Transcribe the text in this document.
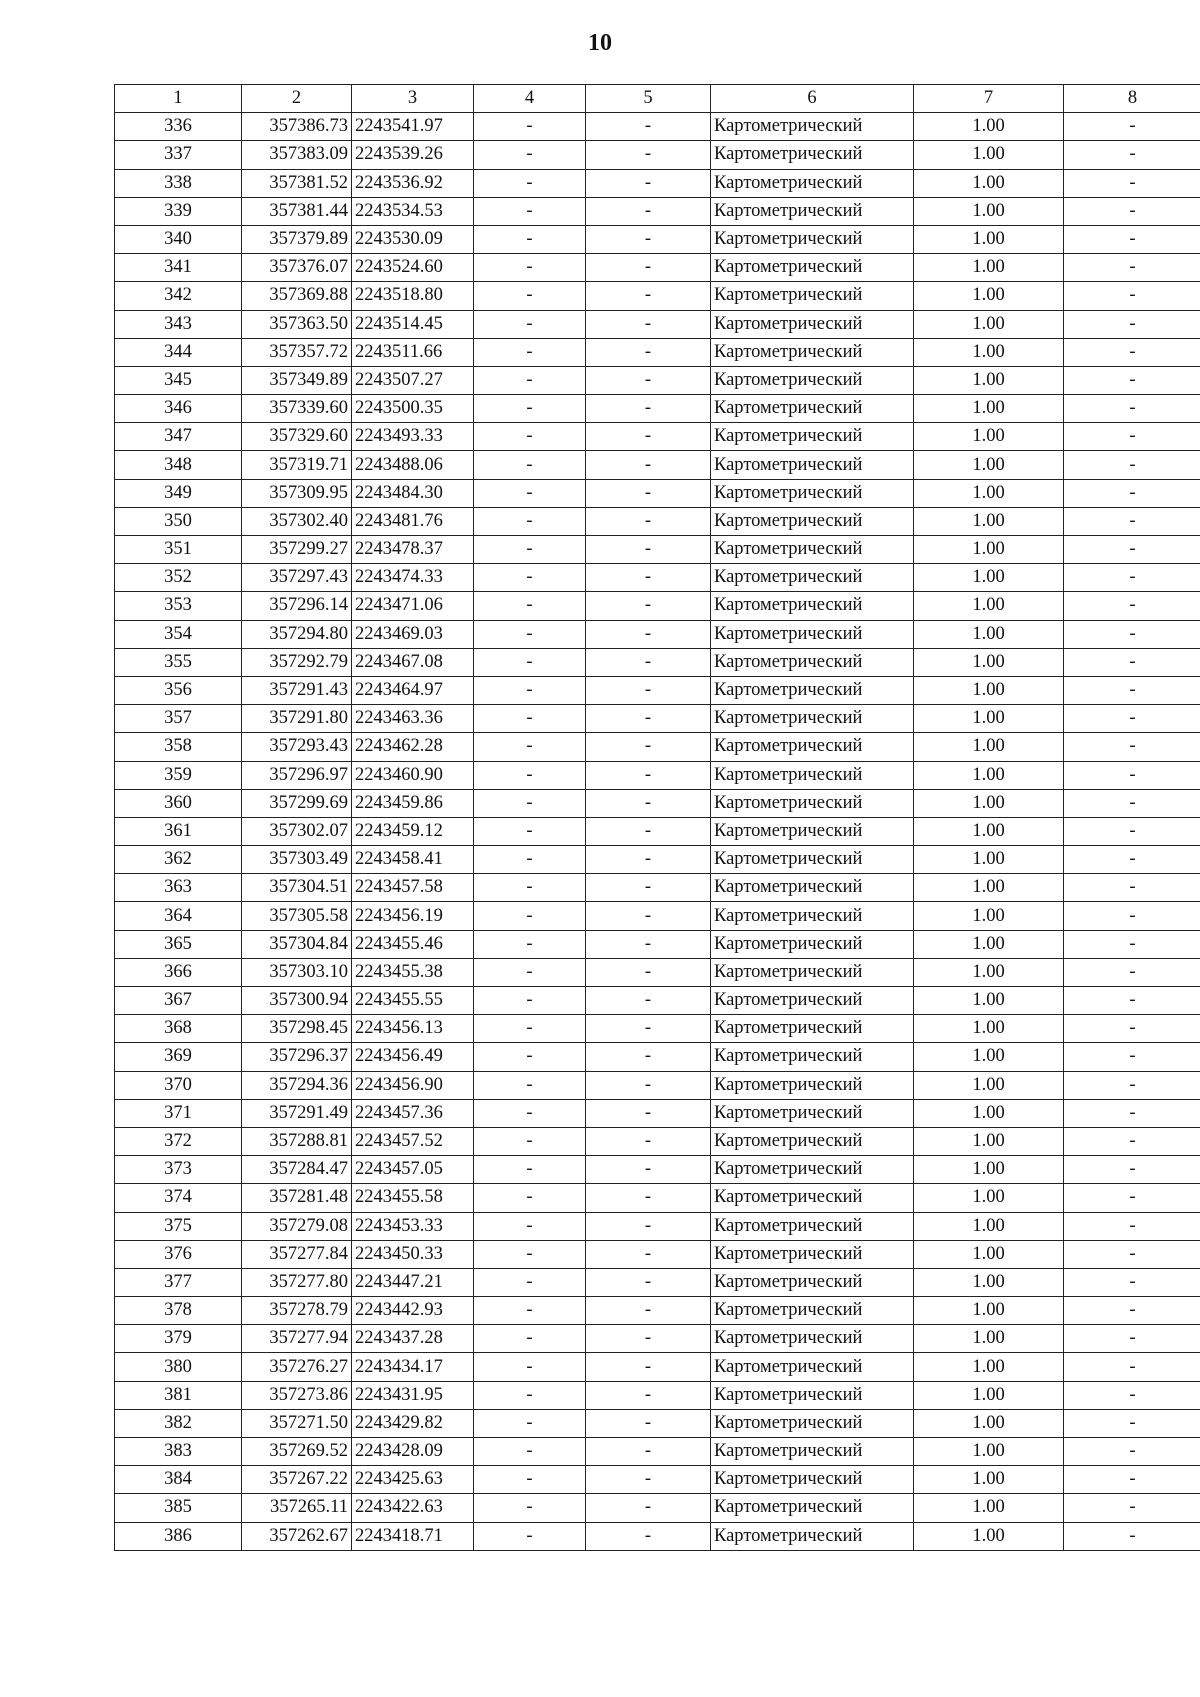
10
1	2	3	4	5	6	7	8
336	357386.73	2243541.97	-	-	Картометрический	1.00	-
337	357383.09	2243539.26	-	-	Картометрический	1.00	-
338	357381.52	2243536.92	-	-	Картометрический	1.00	-
339	357381.44	2243534.53	-	-	Картометрический	1.00	-
340	357379.89	2243530.09	-	-	Картометрический	1.00	-
341	357376.07	2243524.60	-	-	Картометрический	1.00	-
342	357369.88	2243518.80	-	-	Картометрический	1.00	-
343	357363.50	2243514.45	-	-	Картометрический	1.00	-
344	357357.72	2243511.66	-	-	Картометрический	1.00	-
345	357349.89	2243507.27	-	-	Картометрический	1.00	-
346	357339.60	2243500.35	-	-	Картометрический	1.00	-
347	357329.60	2243493.33	-	-	Картометрический	1.00	-
348	357319.71	2243488.06	-	-	Картометрический	1.00	-
349	357309.95	2243484.30	-	-	Картометрический	1.00	-
350	357302.40	2243481.76	-	-	Картометрический	1.00	-
351	357299.27	2243478.37	-	-	Картометрический	1.00	-
352	357297.43	2243474.33	-	-	Картометрический	1.00	-
353	357296.14	2243471.06	-	-	Картометрический	1.00	-
354	357294.80	2243469.03	-	-	Картометрический	1.00	-
355	357292.79	2243467.08	-	-	Картометрический	1.00	-
356	357291.43	2243464.97	-	-	Картометрический	1.00	-
357	357291.80	2243463.36	-	-	Картометрический	1.00	-
358	357293.43	2243462.28	-	-	Картометрический	1.00	-
359	357296.97	2243460.90	-	-	Картометрический	1.00	-
360	357299.69	2243459.86	-	-	Картометрический	1.00	-
361	357302.07	2243459.12	-	-	Картометрический	1.00	-
362	357303.49	2243458.41	-	-	Картометрический	1.00	-
363	357304.51	2243457.58	-	-	Картометрический	1.00	-
364	357305.58	2243456.19	-	-	Картометрический	1.00	-
365	357304.84	2243455.46	-	-	Картометрический	1.00	-
366	357303.10	2243455.38	-	-	Картометрический	1.00	-
367	357300.94	2243455.55	-	-	Картометрический	1.00	-
368	357298.45	2243456.13	-	-	Картометрический	1.00	-
369	357296.37	2243456.49	-	-	Картометрический	1.00	-
370	357294.36	2243456.90	-	-	Картометрический	1.00	-
371	357291.49	2243457.36	-	-	Картометрический	1.00	-
372	357288.81	2243457.52	-	-	Картометрический	1.00	-
373	357284.47	2243457.05	-	-	Картометрический	1.00	-
374	357281.48	2243455.58	-	-	Картометрический	1.00	-
375	357279.08	2243453.33	-	-	Картометрический	1.00	-
376	357277.84	2243450.33	-	-	Картометрический	1.00	-
377	357277.80	2243447.21	-	-	Картометрический	1.00	-
378	357278.79	2243442.93	-	-	Картометрический	1.00	-
379	357277.94	2243437.28	-	-	Картометрический	1.00	-
380	357276.27	2243434.17	-	-	Картометрический	1.00	-
381	357273.86	2243431.95	-	-	Картометрический	1.00	-
382	357271.50	2243429.82	-	-	Картометрический	1.00	-
383	357269.52	2243428.09	-	-	Картометрический	1.00	-
384	357267.22	2243425.63	-	-	Картометрический	1.00	-
385	357265.11	2243422.63	-	-	Картометрический	1.00	-
386	357262.67	2243418.71	-	-	Картометрический	1.00	-
